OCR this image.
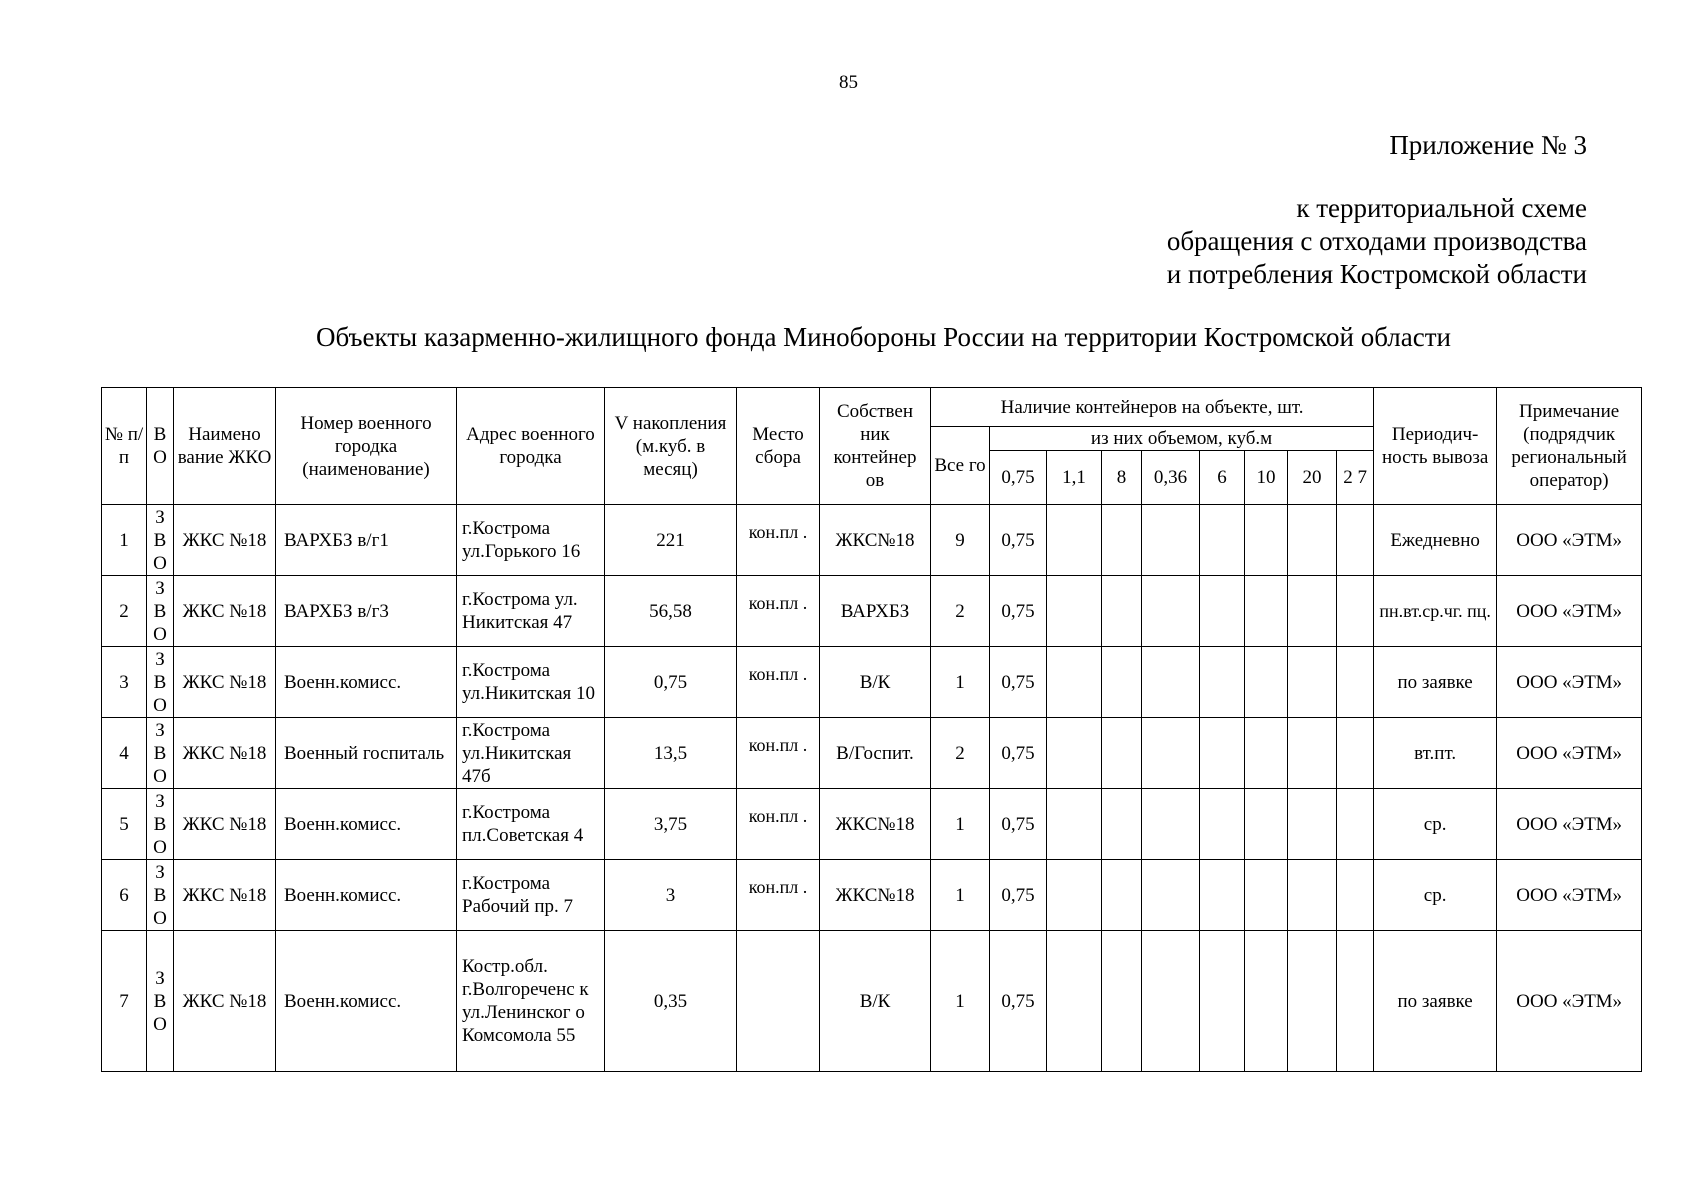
85
Приложение № 3
к территориальной схеме
обращения с отходами производства
и потребления Костромской области
Объекты казарменно-жилищного фонда Минобороны России на территории Костромской области
№ п/ п	В О	Наимено вание ЖКО	Номер военного городка (наименование)	Адрес военного городка	V накопления (м.куб. в месяц)	Место сбора	Собствен ник контейнер ов	Наличие контейнеров на объекте, шт.									Периодич- ность вывоза	Примечание (подрядчик региональный оператор)
								Все го	из них объемом, куб.м									
									0,75	1,1	8	0,36	6	10	20	2 7		
1	З В О	ЖКС №18	ВАРХБЗ в/г1	г.Кострома ул.Горького 16	221	кон.пл .	ЖКС№18	9	0,75								Ежедневно	ООО «ЭТМ»
2	З В О	ЖКС №18	ВАРХБЗ в/г3	г.Кострома ул. Никитская 47	56,58	кон.пл .	ВАРХБЗ	2	0,75								пн.вт.ср.чг. пц.	ООО «ЭТМ»
3	З В О	ЖКС №18	Военн.комисс.	г.Кострома ул.Никитская 10	0,75	кон.пл .	В/К	1	0,75								по заявке	ООО «ЭТМ»
4	З В О	ЖКС №18	Военный госпиталь	г.Кострома ул.Никитская 47б	13,5	кон.пл .	В/Госпит.	2	0,75								вт.пт.	ООО «ЭТМ»
5	З В О	ЖКС №18	Военн.комисс.	г.Кострома пл.Советская 4	3,75	кон.пл .	ЖКС№18	1	0,75								ср.	ООО «ЭТМ»
6	З В О	ЖКС №18	Военн.комисс.	г.Кострома Рабочий пр. 7	3	кон.пл .	ЖКС№18	1	0,75								ср.	ООО «ЭТМ»
7	З В О	ЖКС №18	Военн.комисс.	Костр.обл. г.Волгореченс к ул.Ленинског о Комсомола 55	0,35		В/К	1	0,75								по заявке	ООО «ЭТМ»
